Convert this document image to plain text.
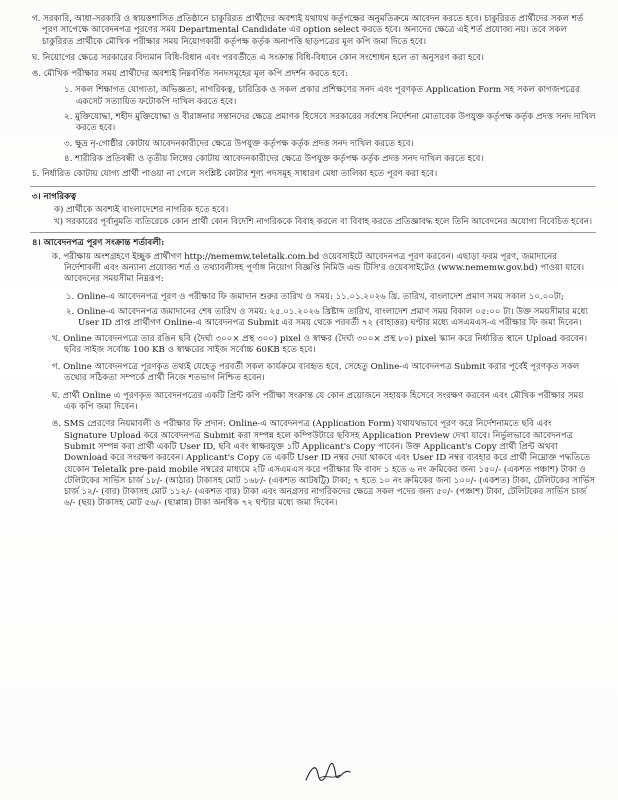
গ. সরকারি, আধা-সরকারি ও স্বায়ত্তশাসিত প্রতিষ্ঠানে চাকুরিরত প্রার্থীদের অবশ্যই যথাযথ কর্তৃপক্ষের অনুমতিক্রমে আবেদন করতে হবে। চাকুরিরত প্রার্থীদের সকল শর্ত পূরণ সাপেক্ষে আবেদনপত্র পূরণের সময় Departmental Candidate এর option select করতে হবে। অন্যদের ক্ষেত্রে এই শর্ত প্রযোজ্য নয়। তবে সকল চাকুরিরত প্রার্থীকে মৌখিক পরীক্ষার সময় নিয়োগকারী কর্তৃপক্ষ কর্তৃক অনাপত্তি ছাড়পত্রের মূল কপি জমা দিতে হবে।

ঘ. নিয়োগের ক্ষেত্রে সরকারের বিদ্যমান বিধি-বিধান এবং পরবর্তীতে এ সংক্রান্ত বিধি-বিধানে কোন সংশোধন হলে তা অনুসরণ করা হবে।

ঙ. মৌখিক পরীক্ষার সময় প্রার্থীদের অবশ্যই নিম্নবর্ণিত সনদসমূহের মূল কপি প্রদর্শন করতে হবে:

১. সকল শিক্ষাগত যোগ্যতা, অভিজ্ঞতা, নাগরিকত্ব, চারিত্রিক ও সকল প্রকার প্রশিক্ষণের সনদ এবং পূরণকৃত Application Form সহ সকল কাগজপত্রের একসেট সত্যায়িত ফটোকপি দাখিল করতে হবে।

২. মুক্তিযোদ্ধা, শহীদ মুক্তিযোদ্ধা ও বীরাঙ্গনার সন্তানদের ক্ষেত্রে প্রমাণক হিসেবে সরকারের সর্বশেষ নির্দেশনা মোতাবেক উপযুক্ত কর্তৃপক্ষ কর্তৃক প্রদত্ত সনদ দাখিল করতে হবে।

৩. ক্ষুদ্র নৃ-গোষ্ঠীর কোটায় আবেদনকারীদের ক্ষেত্রে উপযুক্ত কর্তৃপক্ষ কর্তৃক প্রদত্ত সনদ দাখিল করতে হবে।

৪. শারীরিক প্রতিবন্ধী ও তৃতীয় লিঙ্গের কোটায় আবেদনকারীদের ক্ষেত্রে উপযুক্ত কর্তৃপক্ষ কর্তৃক প্রদত্ত সনদ দাখিল করতে হবে।

চ. নির্ধারিত কোটায় যোগ্য প্রার্থী পাওয়া না গেলে সংশ্লিষ্ট কোটার শূণ্য পদসমূহ সাধারণ মেধা তালিকা হতে পূরণ করা হবে।

৩। নাগরিকত্ব

ক) প্রার্থীকে অবশ্যই বাংলাদেশের নাগরিক হতে হবে।

খ) সরকারের পূর্বানুমতি ব্যতিরেকে কোন প্রার্থী কোন বিদেশি নাগরিককে বিবাহ করলে বা বিবাহ করতে প্রতিজ্ঞাবদ্ধ হলে তিনি আবেদনের অযোগ্য বিবেচিত হবেন।

৪। আবেদনপত্র পূরণ সংক্রান্ত শর্তাবলী:

ক. পরীক্ষায় অংশগ্রহণে ইচ্ছুক প্রার্থীগণ http://nememw.teletalk.com.bd ওয়েবসাইটে আবেদনপত্র পূরণ করবেন। এছাড়া ফরম পূরণ, জমাদানের নির্দেশাবলী এবং অন্যান্য প্রযোজ্য শর্ত ও তথ্যাবলীসহ পূর্ণাঙ্গ নিয়োগ বিজ্ঞপ্তি নিমিউ এন্ড টিসি'র ওয়েবসাইটেও (www.nememw.gov.bd) পাওয়া যাবে। আবেদনের সময়সীমা নিম্নরূপ:

১. Online-এ আবেদনপত্র পূরণ ও পরীক্ষার ফি জমাদান শুরুর তারিখ ও সময়: ১১.০১.২০২৬ খ্রি. তারিখ, বাংলাদেশ প্রমাণ সময় সকাল ১০.০০টা;

২. Online-এ আবেদনপত্র জমাদানের শেষ তারিখ ও সময়: ২৫.০১.২০২৬ খ্রিষ্টাব্দ তারিখ, বাংলাদেশ প্রমাণ সময় বিকাল ০৫:০০ টা। উক্ত সময়সীমার মধ্যে User ID প্রাপ্ত প্রার্থীগণ Online-এ আবেদনপত্র Submit এর সময় থেকে পরবর্তী ৭২ (বাহাত্তর) ঘণ্টার মধ্যে এসএমএস-এ পরীক্ষার ফি জমা দিবেন।

খ. Online আবেদনপত্রে তার রঙিন ছবি (দৈর্ঘ্য ৩০০× প্রস্থ ৩০০) pixel ও স্বাক্ষর (দৈর্ঘ্য ৩০০× প্রস্থ ৮০) pixel স্ক্যান করে নির্ধারিত স্থানে Upload করবেন। ছবির সাইজ সর্বোচ্চ 100 KB ও স্বাক্ষরের সাইজ সর্বোচ্চ 60KB হতে হবে।

গ. Online আবেদনপত্রে পূরণকৃত তথ্যই যেহেতু পরবর্তী সকল কার্যক্রমে ব্যবহৃত হবে, সেহেতু Online-এ আবেদনপত্র Submit করার পূর্বেই পূরণকৃত সকল তথ্যের সঠিকতা সম্পর্কে প্রার্থী নিজে শতভাগ নিশ্চিত হবেন।

ঘ. প্রার্থী Online এ পূরণকৃত আবেদনপত্রের একটি প্রিন্ট কপি পরীক্ষা সংক্রান্ত যে কোন প্রয়োজনে সহায়ক হিসেবে সংরক্ষণ করবেন এবং মৌখিক পরীক্ষার সময় এক কপি জমা দিবেন।

ঙ. SMS প্রেরণের নিয়মাবলী ও পরীক্ষার ফি প্রদান: Online-এ আবেদনপত্র (Application Form) যথাযথভাবে পূরণ করে নির্দেশনামতে ছবি এবং Signature Upload করে আবেদনপত্র Submit করা সম্পন্ন হলে কম্পিউটারে ছবিসহ Application Preview দেখা যাবে। নির্ভুলভাবে আবেদনপত্র Submit সম্পন্ন করা প্রার্থী একটি User ID, ছবি এবং স্বাক্ষরযুক্ত ১টি Applicant's Copy পাবেন। উক্ত Applicant's Copy প্রার্থী প্রিন্ট অথবা Download করে সংরক্ষণ করবেন। Applicant's Copy তে একটি User ID নম্বর দেয়া থাকবে এবং User ID নম্বর ব্যবহার করে প্রার্থী নিম্নোক্ত পদ্ধতিতে যেকোন Teletalk pre-paid mobile নম্বরের মাধ্যমে ২টি এসএমএস করে পরীক্ষার ফি বাবদ ১ হতে ৬ নং ক্রমিকের জন্য ১৫০/- (একশত পঞ্চাশ) টাকা ও টেলিটকের সার্ভিস চার্জ ১৮/- (আঠার) টাকাসহ মোট ১৬৮/- (একশত আটষট্টি) টাকা; ৭ হতে ১০ নং ক্রমিকের জন্য ১০০/- (একশত) টাকা, টেলিটকের সার্ভিস চার্জ ১২/- (বার) টাকাসহ মোট ১১২/- (একশত বার) টাকা এবং অনগ্রসর নাগরিকদের ক্ষেত্রে সকল পদের জন্য ৫০/- (পঞ্চাশ) টাকা, টেলিটকের সার্ভিস চার্জ ৬/- (ছয়) টাকাসহ মোট ৫৬/- (ছাপ্পান্ন) টাকা অনধিক ৭২ ঘণ্টার মধ্যে জমা দিবেন।
